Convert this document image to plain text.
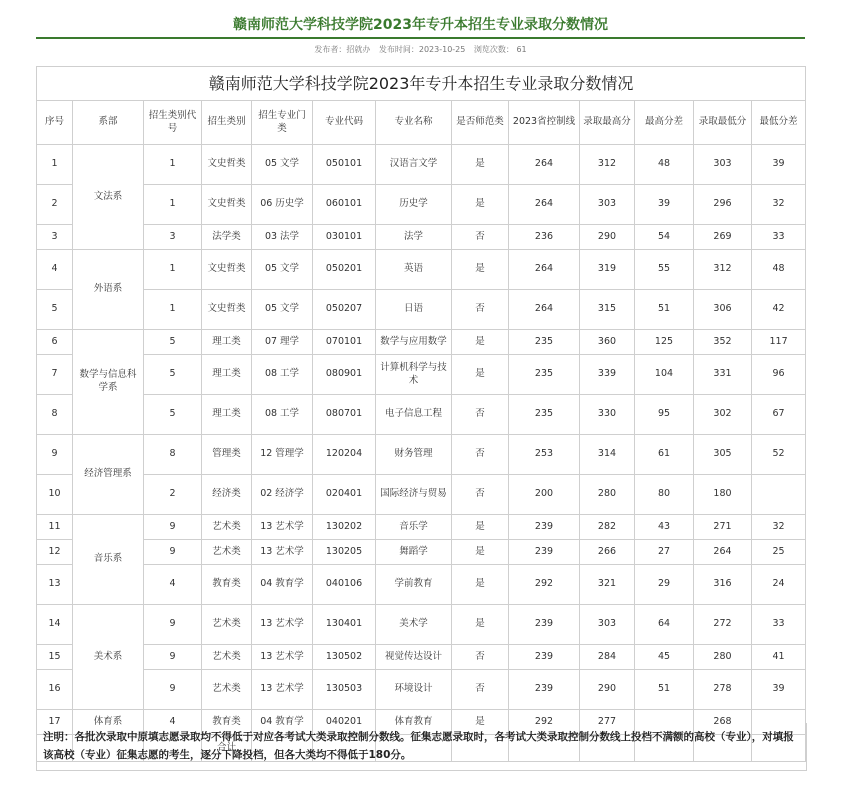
赣南师范大学科技学院2023年专升本招生专业录取分数情况
发布者：招就办 发布时间：2023-10-25 浏览次数： 61
赣南师范大学科技学院2023年专升本招生专业录取分数情况												
序号	系部	招生类别代号	招生类别	招生专业门类	专业代码	专业名称	是否师范类	2023省控制线	录取最高分	最高分差	录取最低分	最低分差
1	文法系	1	文史哲类	05 文学	050101	汉语言文学	是	264	312	48	303	39
2		1	文史哲类	06 历史学	060101	历史学	是	264	303	39	296	32
3		3	法学类	03 法学	030101	法学	否	236	290	54	269	33
4	外语系	1	文史哲类	05 文学	050201	英语	是	264	319	55	312	48
5		1	文史哲类	05 文学	050207	日语	否	264	315	51	306	42
6	数学与信息科学系	5	理工类	07 理学	070101	数学与应用数学	是	235	360	125	352	117
7		5	理工类	08 工学	080901	计算机科学与技术	是	235	339	104	331	96
8		5	理工类	08 工学	080701	电子信息工程	否	235	330	95	302	67
9	经济管理系	8	管理类	12 管理学	120204	财务管理	否	253	314	61	305	52
10		2	经济类	02 经济学	020401	国际经济与贸易	否	200	280	80	180	
11	音乐系	9	艺术类	13 艺术学	130202	音乐学	是	239	282	43	271	32
12		9	艺术类	13 艺术学	130205	舞蹈学	是	239	266	27	264	25
13		4	教育类	04 教育学	040106	学前教育	是	292	321	29	316	24
14	美术系	9	艺术类	13 艺术学	130401	美术学	是	239	303	64	272	33
15		9	艺术类	13 艺术学	130502	视觉传达设计	否	239	284	45	280	41
16		9	艺术类	13 艺术学	130503	环境设计	否	239	290	51	278	39
17	体育系	4	教育类	04 教育学	040201	体育教育	是	292	277		268	
			合计									
注明：各批次录取中原填志愿录取均不得低于对应各考试大类录取控制分数线。征集志愿录取时，各考试大类录取控制分数线上投档不满额的高校（专业），对填报该高校（专业）征集志愿的考生，逐分下降投档，但各大类均不得低于180分。
